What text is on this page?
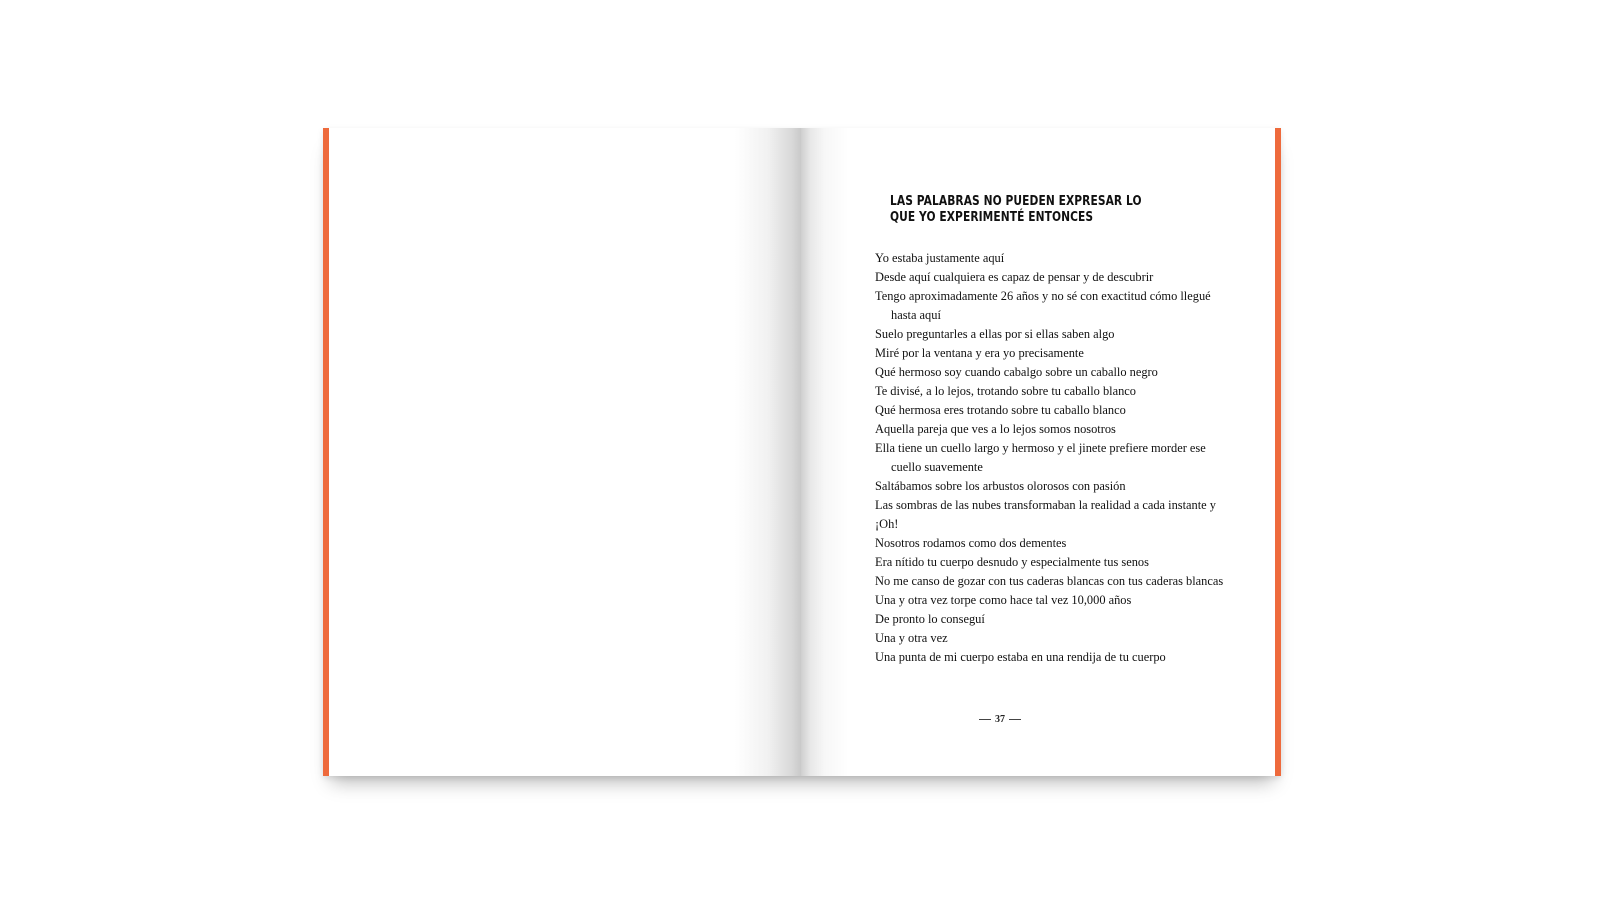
LAS PALABRAS NO PUEDEN EXPRESAR LO QUE YO EXPERIMENTÉ ENTONCES
Yo estaba justamente aquí
Desde aquí cualquiera es capaz de pensar y de descubrir
Tengo aproximadamente 26 años y no sé con exactitud cómo llegué hasta aquí
Suelo preguntarles a ellas por si ellas saben algo
Miré por la ventana y era yo precisamente
Qué hermoso soy cuando cabalgo sobre un caballo negro
Te divisé, a lo lejos, trotando sobre tu caballo blanco
Qué hermosa eres trotando sobre tu caballo blanco
Aquella pareja que ves a lo lejos somos nosotros
Ella tiene un cuello largo y hermoso y el jinete prefiere morder ese cuello suavemente
Saltábamos sobre los arbustos olorosos con pasión
Las sombras de las nubes transformaban la realidad a cada instante y
¡Oh!
Nosotros rodamos como dos dementes
Era nítido tu cuerpo desnudo y especialmente tus senos
No me canso de gozar con tus caderas blancas con tus caderas blancas
Una y otra vez torpe como hace tal vez 10,000 años
De pronto lo conseguí
Una y otra vez
Una punta de mi cuerpo estaba en una rendija de tu cuerpo
37
